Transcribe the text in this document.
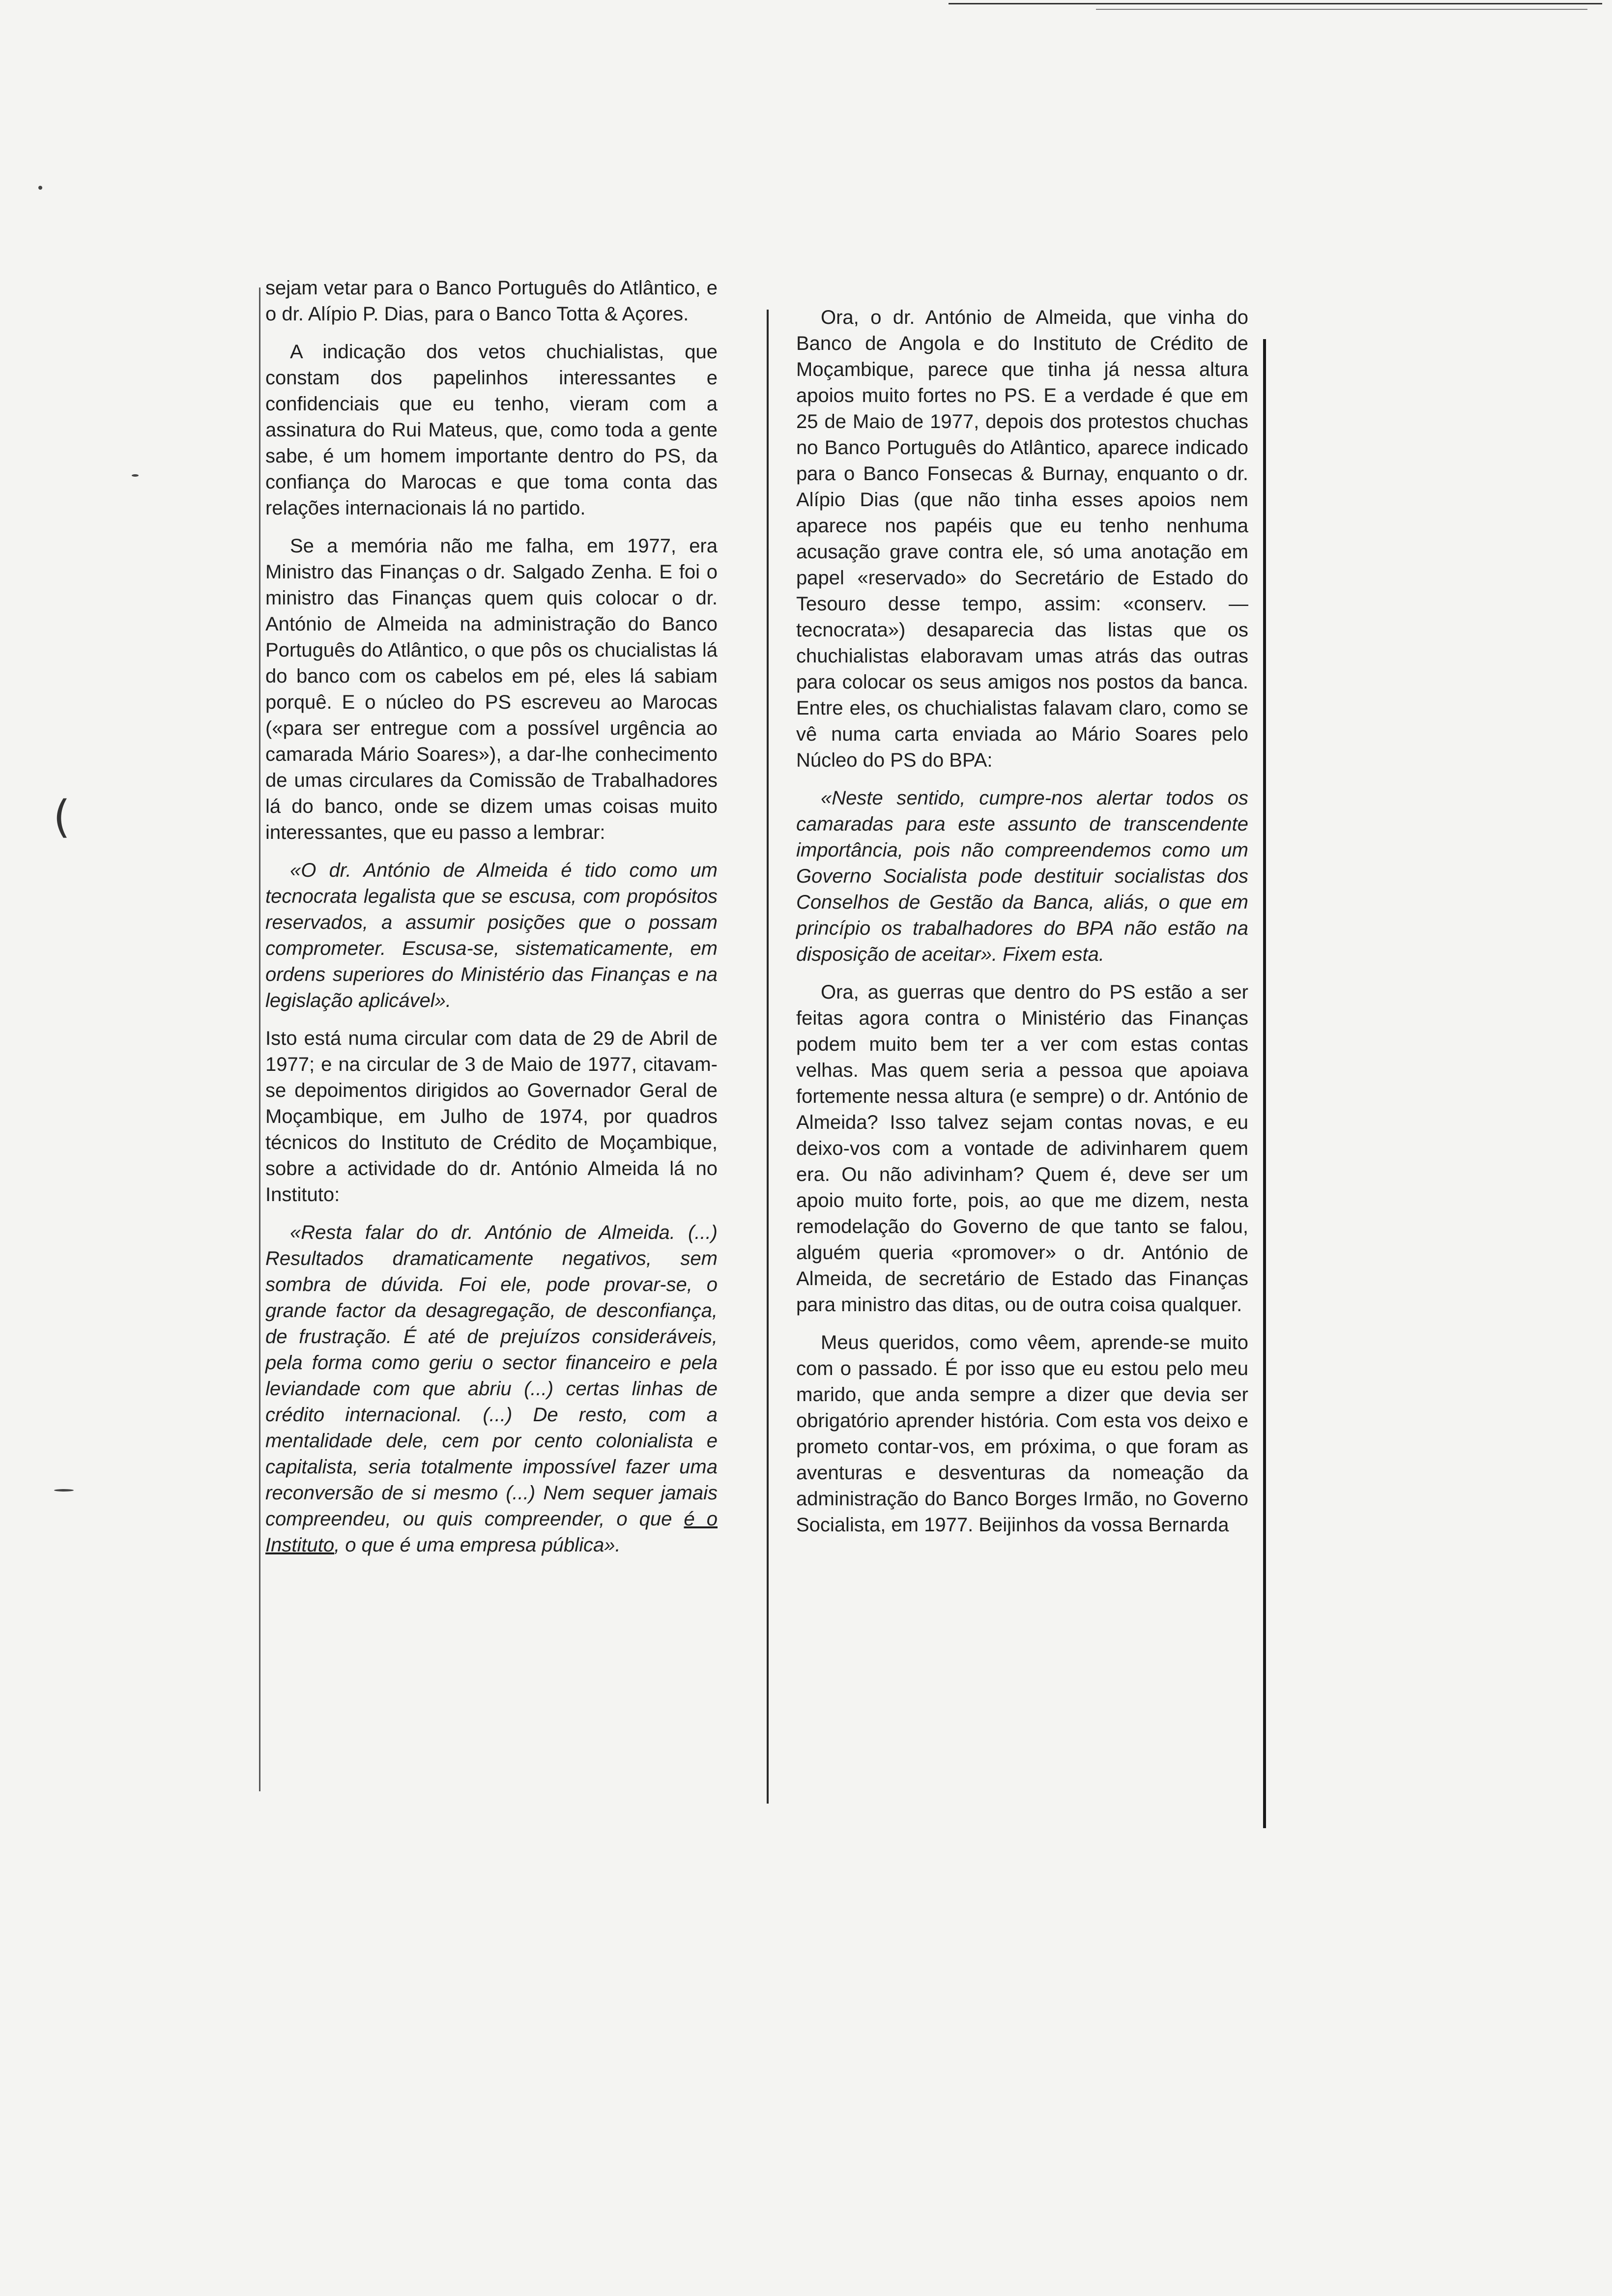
(

sejam vetar para o Banco Português do Atlântico, e o dr. Alípio P. Dias, para o Banco Totta & Açores.

A indicação dos vetos chuchialistas, que constam dos papelinhos interessantes e confidenciais que eu tenho, vieram com a assinatura do Rui Mateus, que, como toda a gente sabe, é um homem importante dentro do PS, da confiança do Marocas e que toma conta das relações internacionais lá no partido.

Se a memória não me falha, em 1977, era Ministro das Finanças o dr. Salgado Zenha. E foi o ministro das Finanças quem quis colocar o dr. António de Almeida na administração do Banco Português do Atlântico, o que pôs os chucialistas lá do banco com os cabelos em pé, eles lá sabiam porquê. E o núcleo do PS escreveu ao Marocas («para ser entregue com a possível urgência ao camarada Mário Soares»), a dar-lhe conhecimento de umas circulares da Comissão de Trabalhadores lá do banco, onde se dizem umas coisas muito interessantes, que eu passo a lembrar:

«O dr. António de Almeida é tido como um tecnocrata legalista que se escusa, com propósitos reservados, a assumir posições que o possam comprometer. Escusa-se, sistematicamente, em ordens superiores do Ministério das Finanças e na legislação aplicável».

Isto está numa circular com data de 29 de Abril de 1977; e na circular de 3 de Maio de 1977, citavam-se depoimentos dirigidos ao Governador Geral de Moçambique, em Julho de 1974, por quadros técnicos do Instituto de Crédito de Moçambique, sobre a actividade do dr. António Almeida lá no Instituto:

«Resta falar do dr. António de Almeida. (...) Resultados dramaticamente negativos, sem sombra de dúvida. Foi ele, pode provar-se, o grande factor da desagregação, de desconfiança, de frustração. É até de prejuízos consideráveis, pela forma como geriu o sector financeiro e pela leviandade com que abriu (...) certas linhas de crédito internacional. (...) De resto, com a mentalidade dele, cem por cento colonialista e capitalista, seria totalmente impossível fazer uma reconversão de si mesmo (...) Nem sequer jamais compreendeu, ou quis compreender, o que é o Instituto, o que é uma empresa pública».

Ora, o dr. António de Almeida, que vinha do Banco de Angola e do Instituto de Crédito de Moçambique, parece que tinha já nessa altura apoios muito fortes no PS. E a verdade é que em 25 de Maio de 1977, depois dos protestos chuchas no Banco Português do Atlântico, aparece indicado para o Banco Fonsecas & Burnay, enquanto o dr. Alípio Dias (que não tinha esses apoios nem aparece nos papéis que eu tenho nenhuma acusação grave contra ele, só uma anotação em papel «reservado» do Secretário de Estado do Tesouro desse tempo, assim: «conserv. — tecnocrata») desaparecia das listas que os chuchialistas elaboravam umas atrás das outras para colocar os seus amigos nos postos da banca. Entre eles, os chuchialistas falavam claro, como se vê numa carta enviada ao Mário Soares pelo Núcleo do PS do BPA:

«Neste sentido, cumpre-nos alertar todos os camaradas para este assunto de transcendente importância, pois não compreendemos como um Governo Socialista pode destituir socialistas dos Conselhos de Gestão da Banca, aliás, o que em princípio os trabalhadores do BPA não estão na disposição de aceitar». Fixem esta.

Ora, as guerras que dentro do PS estão a ser feitas agora contra o Ministério das Finanças podem muito bem ter a ver com estas contas velhas. Mas quem seria a pessoa que apoiava fortemente nessa altura (e sempre) o dr. António de Almeida? Isso talvez sejam contas novas, e eu deixo-vos com a vontade de adivinharem quem era. Ou não adivinham? Quem é, deve ser um apoio muito forte, pois, ao que me dizem, nesta remodelação do Governo de que tanto se falou, alguém queria «promover» o dr. António de Almeida, de secretário de Estado das Finanças para ministro das ditas, ou de outra coisa qualquer.

Meus queridos, como vêem, aprende-se muito com o passado. É por isso que eu estou pelo meu marido, que anda sempre a dizer que devia ser obrigatório aprender história. Com esta vos deixo e prometo contar-vos, em próxima, o que foram as aventuras e desventuras da nomeação da administração do Banco Borges Irmão, no Governo Socialista, em 1977. Beijinhos da vossa Bernarda
